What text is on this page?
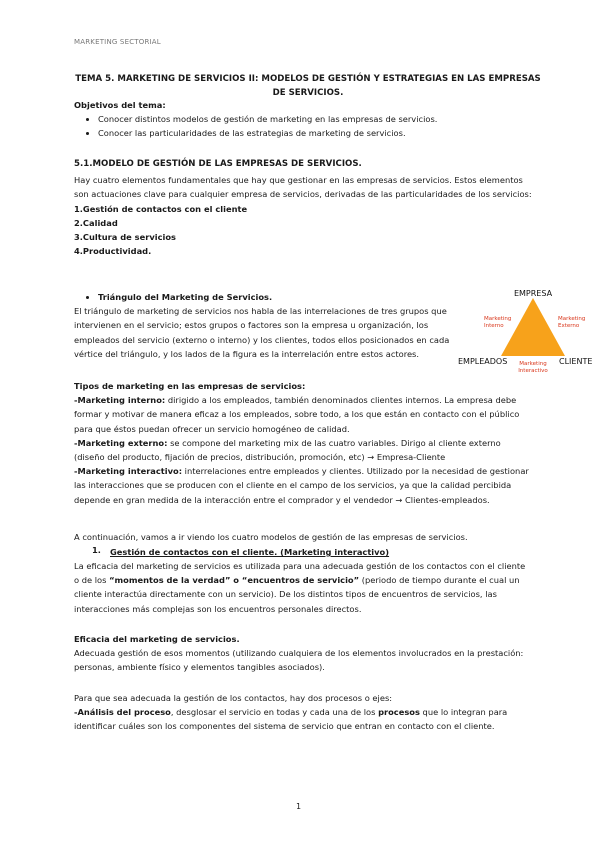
MARKETING SECTORIAL
TEMA 5. MARKETING DE SERVICIOS II: MODELOS DE GESTIÓN Y ESTRATEGIAS EN LAS EMPRESAS DE SERVICIOS.

Objetivos del tema:

• Conocer distintos modelos de gestión de marketing en las empresas de servicios.
• Conocer las particularidades de las estrategias de marketing de servicios.

5.1.MODELO DE GESTIÓN DE LAS EMPRESAS DE SERVICIOS.

Hay cuatro elementos fundamentales que hay que gestionar en las empresas de servicios. Estos elementos son actuaciones clave para cualquier empresa de servicios, derivadas de las particularidades de los servicios:

1.Gestión de contactos con el cliente

2.Calidad

3.Cultura de servicios

4.Productividad.

• Triángulo del Marketing de Servicios.

El triángulo de marketing de servicios nos habla de las interrelaciones de tres grupos que intervienen en el servicio; estos grupos o factores son la empresa u organización, los empleados del servicio (externo o interno) y los clientes, todos ellos posicionados en cada vértice del triángulo, y los lados de la figura es la interrelación entre estos actores.

EMPRESA
EMPLEADOS	CLIENTE
Marketing
Interno
Marketing
Externo
Marketing
Interactivo

Tipos de marketing en las empresas de servicios:

-Marketing interno: dirigido a los empleados, también denominados clientes internos. La empresa debe formar y motivar de manera eficaz a los empleados, sobre todo, a los que están en contacto con el público para que éstos puedan ofrecer un servicio homogéneo de calidad.

-Marketing externo: se compone del marketing mix de las cuatro variables. Dirigo al cliente externo (diseño del producto, fijación de precios, distribución, promoción, etc) → Empresa-Cliente

-Marketing interactivo: interrelaciones entre empleados y clientes. Utilizado por la necesidad de gestionar las interacciones que se producen con el cliente en el campo de los servicios, ya que la calidad percibida depende en gran medida de la interacción entre el comprador y el vendedor → Clientes-empleados.

A continuación, vamos a ir viendo los cuatro modelos de gestión de las empresas de servicios.

1. Gestión de contactos con el cliente. (Marketing interactivo)

La eficacia del marketing de servicios es utilizada para una adecuada gestión de los contactos con el cliente o de los “momentos de la verdad” o “encuentros de servicio” (periodo de tiempo durante el cual un cliente interactúa directamente con un servicio). De los distintos tipos de encuentros de servicios, las interacciones más complejas son los encuentros personales directos.

Eficacia del marketing de servicios.

Adecuada gestión de esos momentos (utilizando cualquiera de los elementos involucrados en la prestación: personas, ambiente físico y elementos tangibles asociados).

Para que sea adecuada la gestión de los contactos, hay dos procesos o ejes:

-Análisis del proceso, desglosar el servicio en todas y cada una de los procesos que lo integran para identificar cuáles son los componentes del sistema de servicio que entran en contacto con el cliente.

1
